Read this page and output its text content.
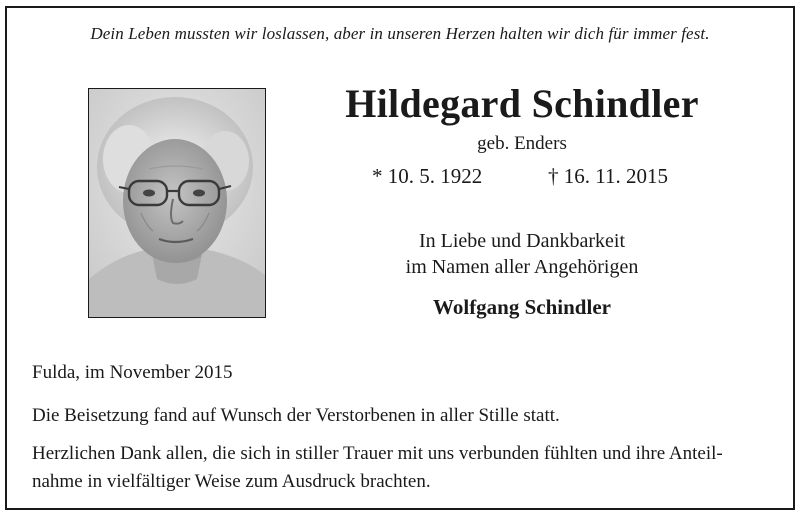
Dein Leben mussten wir loslassen, aber in unseren Herzen halten wir dich für immer fest.
Hildegard Schindler
geb. Enders
* 10. 5. 1922	† 16. 11. 2015
In Liebe und Dankbarkeit
im Namen aller Angehörigen
Wolfgang Schindler
Fulda, im November 2015
Die Beisetzung fand auf Wunsch der Verstorbenen in aller Stille statt.
Herzlichen Dank allen, die sich in stiller Trauer mit uns verbunden fühlten und ihre Anteil-
nahme in vielfältiger Weise zum Ausdruck brachten.
